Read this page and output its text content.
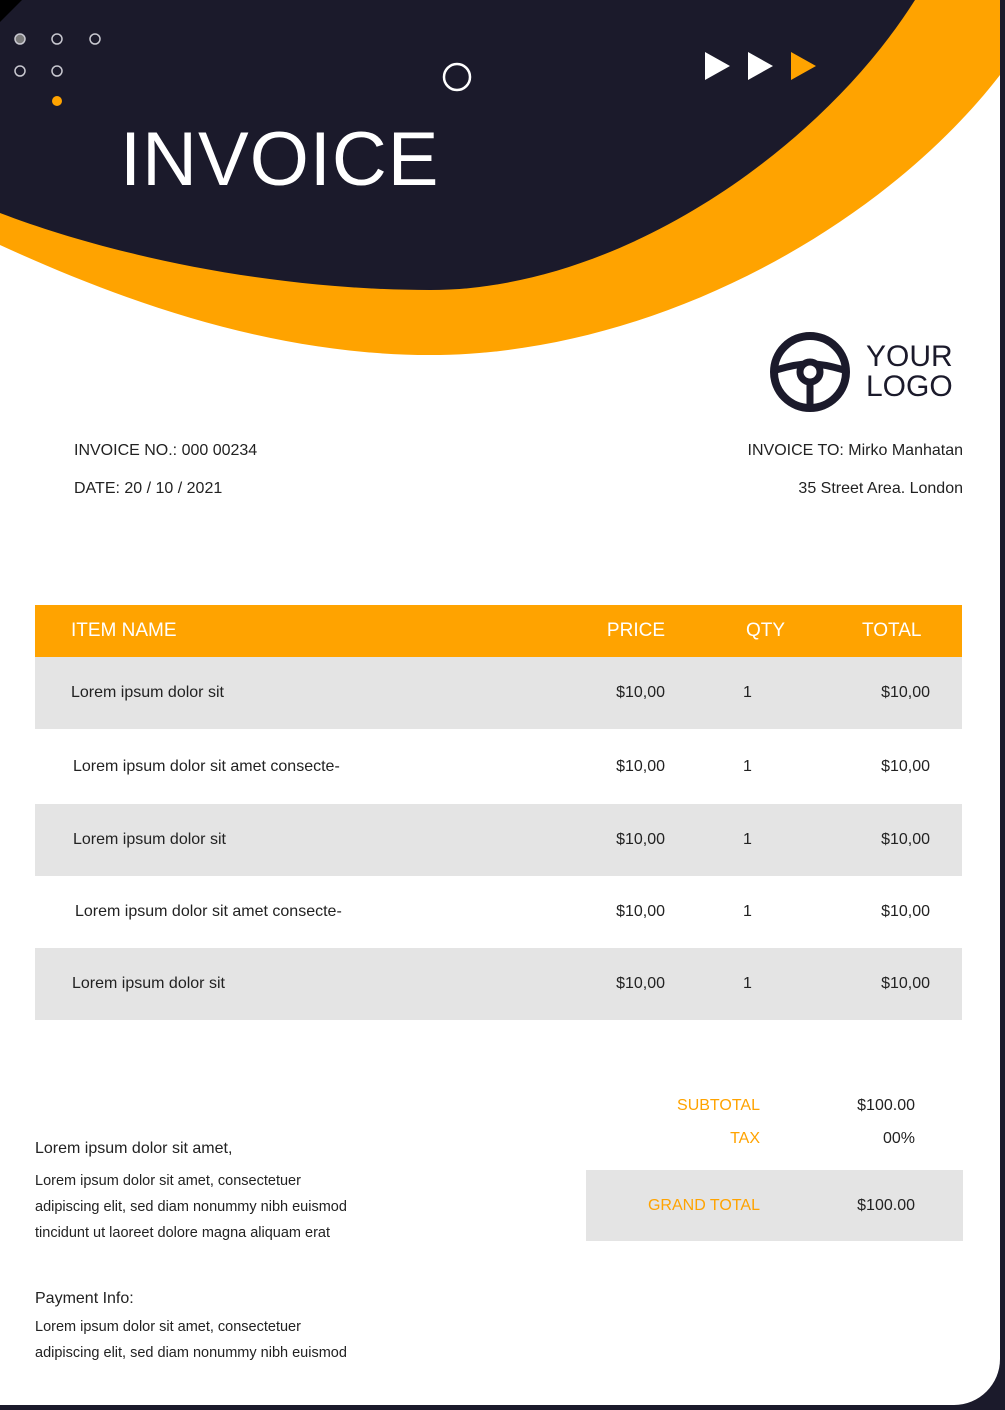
INVOICE
YOUR
LOGO
INVOICE NO.: 000 00234
DATE: 20 / 10 / 2021
INVOICE TO: Mirko Manhatan
35 Street Area. London
ITEM NAME	PRICE	QTY	TOTAL
Lorem ipsum dolor sit	$10,00	1	$10,00
Lorem ipsum dolor sit amet consecte-	$10,00	1	$10,00
Lorem ipsum dolor sit	$10,00	1	$10,00
Lorem ipsum dolor sit amet consecte-	$10,00	1	$10,00
Lorem ipsum dolor sit	$10,00	1	$10,00
SUBTOTAL	$100.00
TAX	00%
GRAND TOTAL	$100.00
Lorem ipsum dolor sit amet,
Lorem ipsum dolor sit amet, consectetuer
adipiscing elit, sed diam nonummy nibh euismod
tincidunt ut laoreet dolore magna aliquam erat
Payment Info:
Lorem ipsum dolor sit amet, consectetuer
adipiscing elit, sed diam nonummy nibh euismod
